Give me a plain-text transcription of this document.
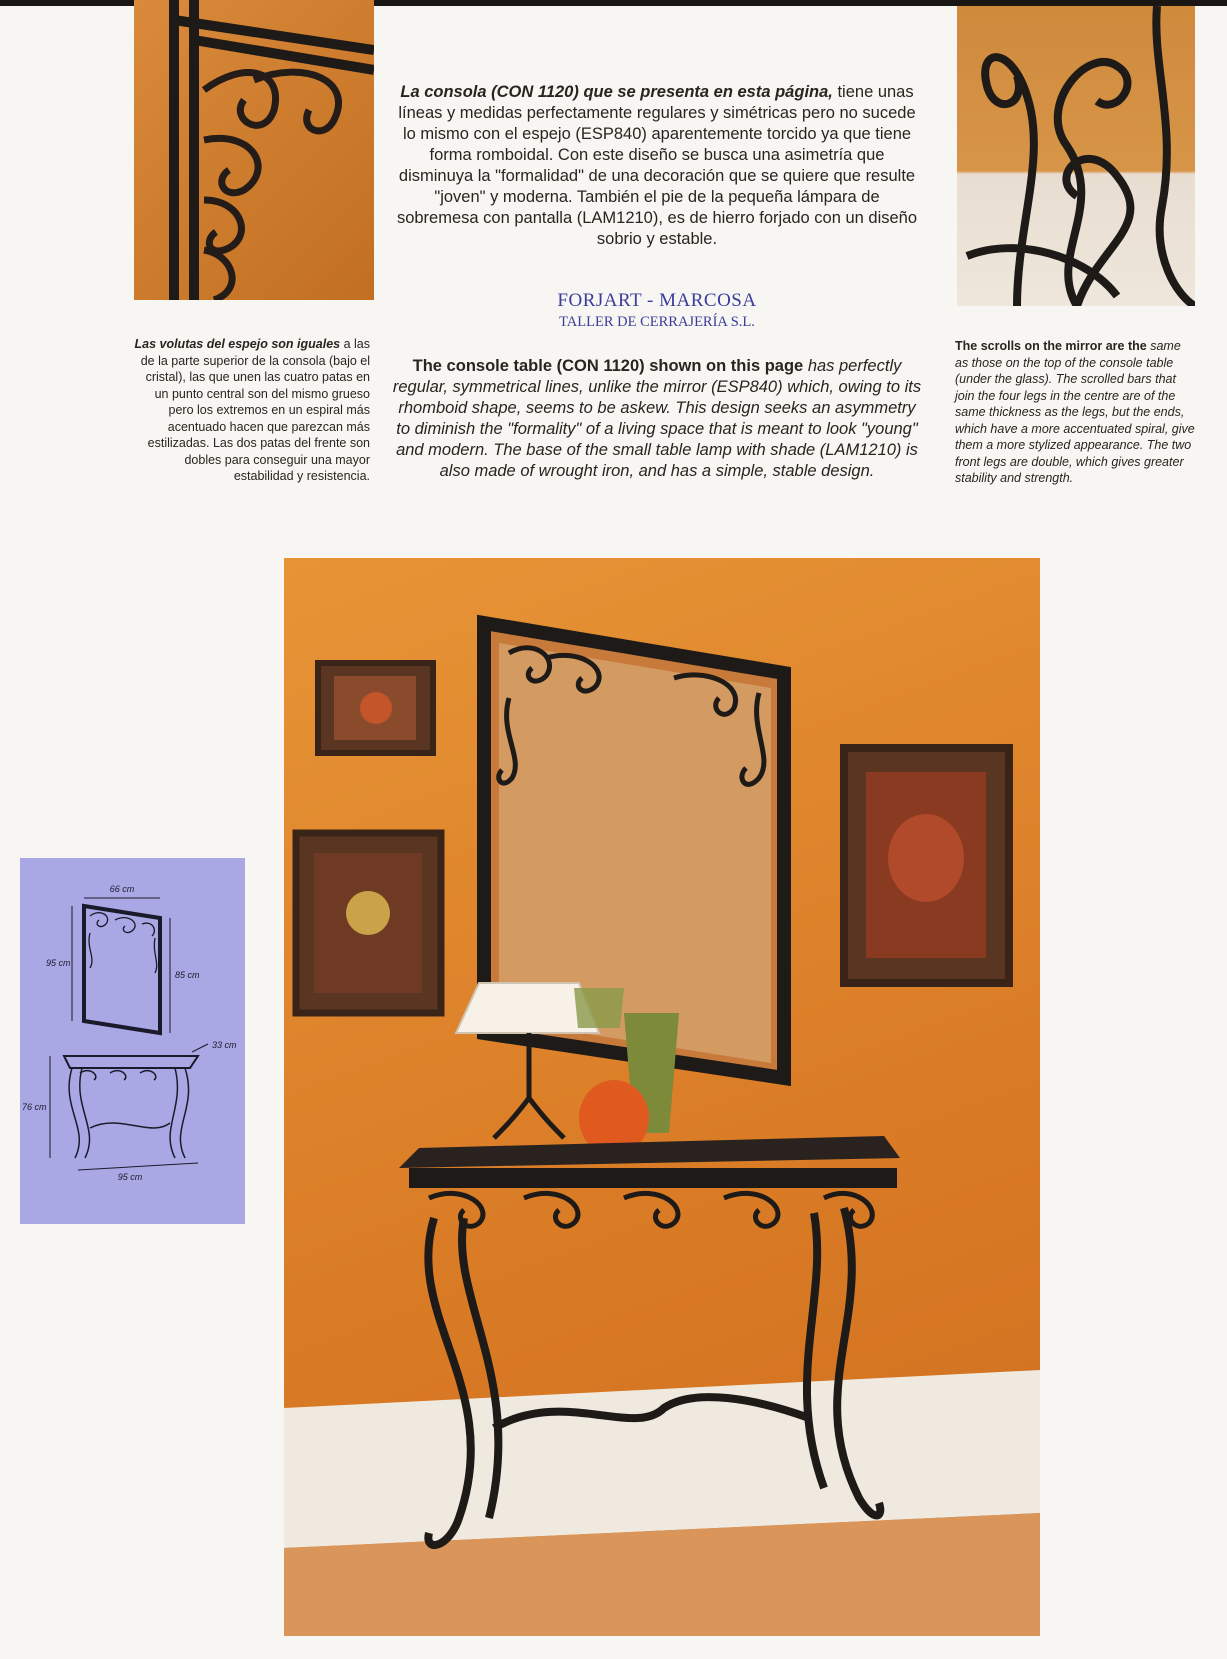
La consola (CON 1120) que se presenta en esta página, tiene unas líneas y medidas perfectamente regulares y simétricas pero no sucede lo mismo con el espejo (ESP840) aparentemente torcido ya que tiene forma romboidal. Con este diseño se busca una asimetría que disminuya la "formalidad" de una decoración que se quiere que resulte "joven" y moderna. También el pie de la pequeña lámpara de sobremesa con pantalla (LAM1210), es de hierro forjado con un diseño sobrio y estable.
FORJART - MARCOSA
TALLER DE CERRAJERÍA S.L.
The console table (CON 1120) shown on this page has perfectly regular, symmetrical lines, unlike the mirror (ESP840) which, owing to its rhomboid shape, seems to be askew. This design seeks an asymmetry to diminish the "formality" of a living space that is meant to look "young" and modern. The base of the small table lamp with shade (LAM1210) is also made of wrought iron, and has a simple, stable design.
Las volutas del espejo son iguales a las de la parte superior de la consola (bajo el cristal), las que unen las cuatro patas en un punto central son del mismo grueso pero los extremos en un espiral más acentuado hacen que parezcan más estilizadas. Las dos patas del frente son dobles para conseguir una mayor estabilidad y resistencia.
The scrolls on the mirror are the same as those on the top of the console table (under the glass). The scrolled bars that join the four legs in the centre are of the same thickness as the legs, but the ends, which have a more accentuated spiral, give them a more stylized appearance. The two front legs are double, which gives greater stability and strength.
66 cm
95 cm
85 cm
76 cm
33 cm
95 cm
